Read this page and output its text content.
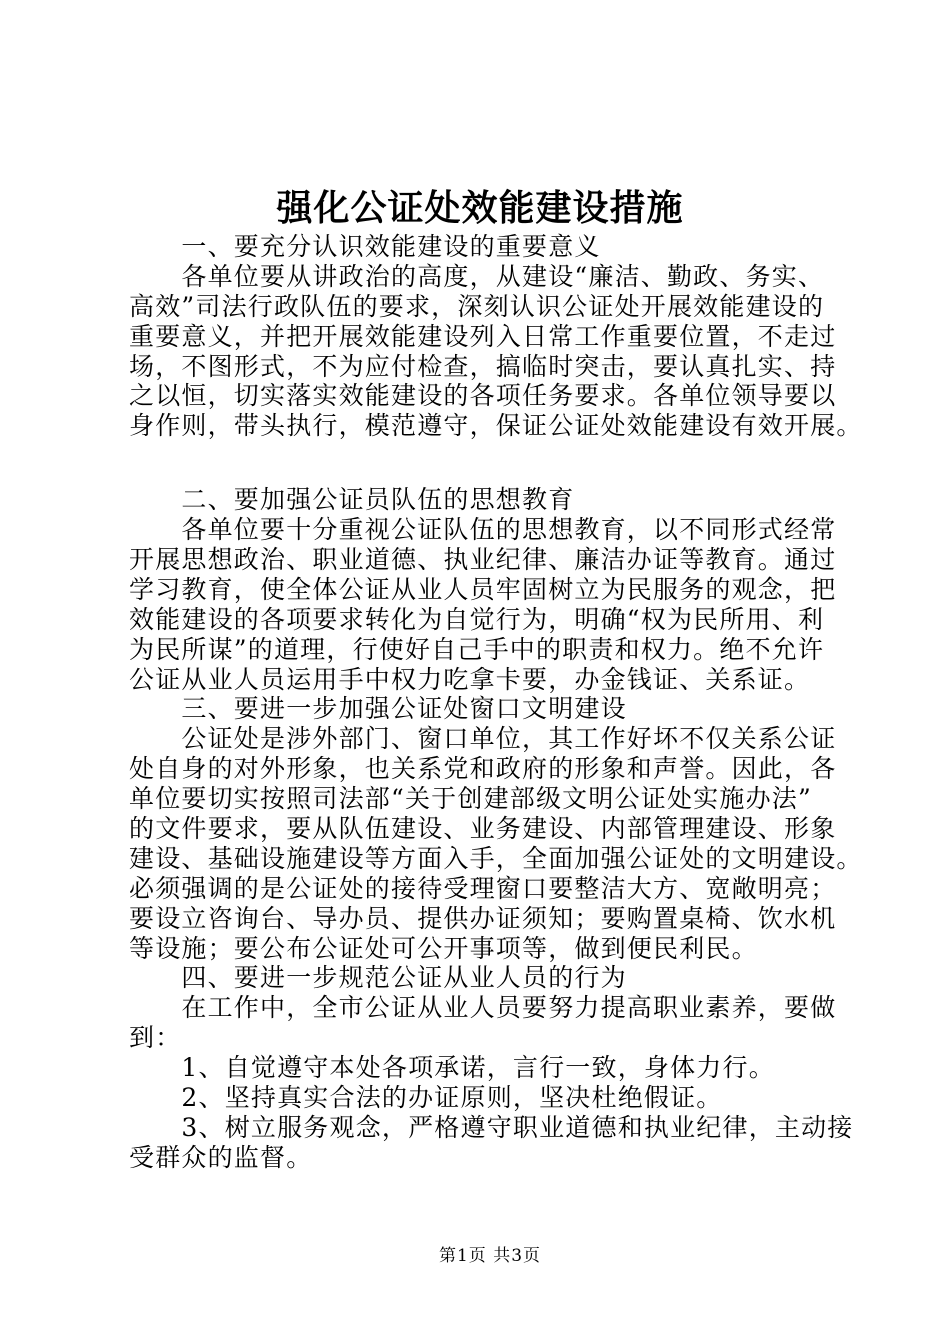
强化公证处效能建设措施
　　一、要充分认识效能建设的重要意义
　　各单位要从讲政治的高度，从建设“廉洁、勤政、务实、
高效”司法行政队伍的要求，深刻认识公证处开展效能建设的
重要意义，并把开展效能建设列入日常工作重要位置，不走过
场，不图形式，不为应付检查，搞临时突击，要认真扎实、持
之以恒，切实落实效能建设的各项任务要求。各单位领导要以
身作则，带头执行，模范遵守，保证公证处效能建设有效开展。
　　二、要加强公证员队伍的思想教育
　　各单位要十分重视公证队伍的思想教育，以不同形式经常
开展思想政治、职业道德、执业纪律、廉洁办证等教育。通过
学习教育，使全体公证从业人员牢固树立为民服务的观念，把
效能建设的各项要求转化为自觉行为，明确“权为民所用、利
为民所谋”的道理，行使好自己手中的职责和权力。绝不允许
公证从业人员运用手中权力吃拿卡要，办金钱证、关系证。
　　三、要进一步加强公证处窗口文明建设
　　公证处是涉外部门、窗口单位，其工作好坏不仅关系公证
处自身的对外形象，也关系党和政府的形象和声誉。因此，各
单位要切实按照司法部“关于创建部级文明公证处实施办法”
的文件要求，要从队伍建设、业务建设、内部管理建设、形象
建设、基础设施建设等方面入手，全面加强公证处的文明建设。
必须强调的是公证处的接待受理窗口要整洁大方、宽敞明亮；
要设立咨询台、导办员、提供办证须知；要购置桌椅、饮水机
等设施；要公布公证处可公开事项等，做到便民利民。
　　四、要进一步规范公证从业人员的行为
　　在工作中，全市公证从业人员要努力提高职业素养，要做
到：
　　1、自觉遵守本处各项承诺，言行一致，身体力行。
　　2、坚持真实合法的办证原则，坚决杜绝假证。
　　3、树立服务观念，严格遵守职业道德和执业纪律，主动接
受群众的监督。
第1页 共3页
